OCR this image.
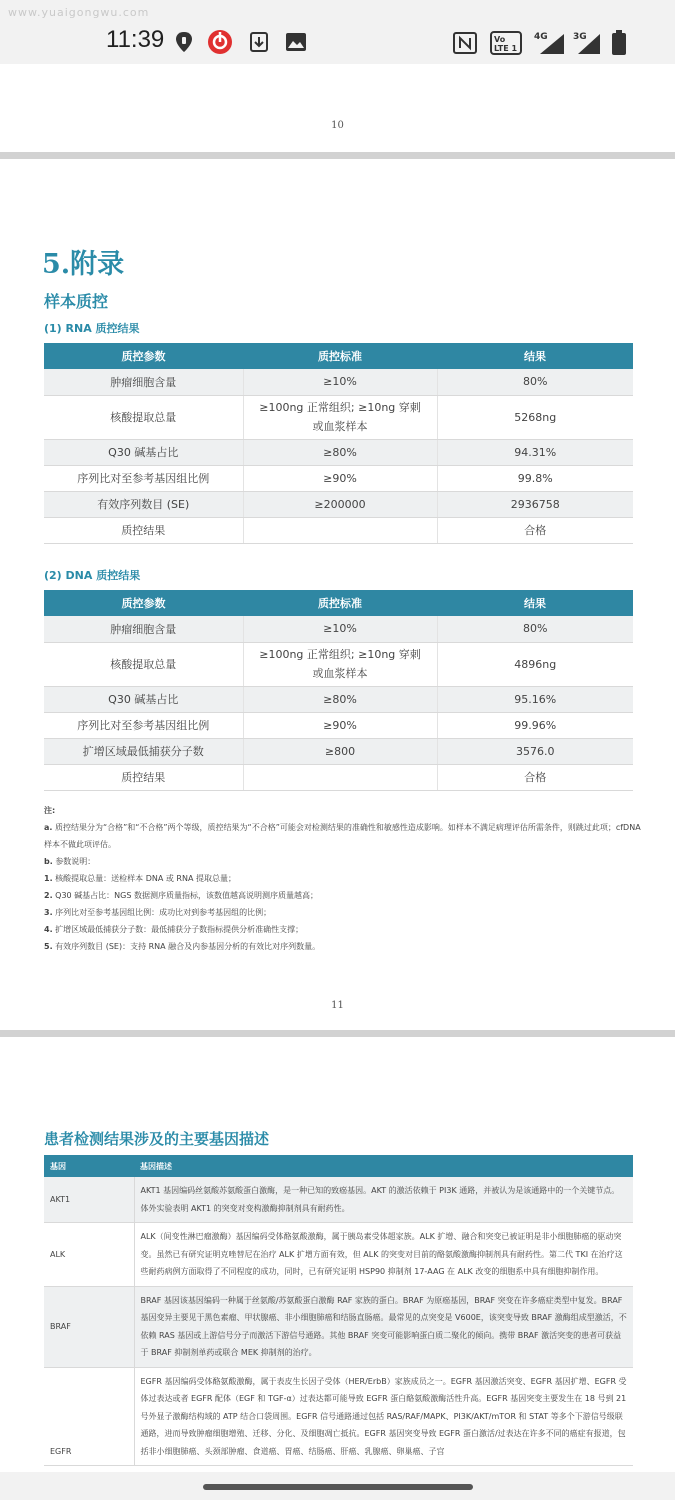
www.yuaigongwu.com
11:39	Vo
LTE 1
4G	3G
10
5.附录
样本质控
(1) RNA 质控结果
质控参数	质控标准	结果
肿瘤细胞含量	≥10%	80%
核酸提取总量	≥100ng 正常组织; ≥10ng 穿刺或血浆样本	5268ng
Q30 碱基占比	≥80%	94.31%
序列比对至参考基因组比例	≥90%	99.8%
有效序列数目 (SE)	≥200000	2936758
质控结果		合格
(2) DNA 质控结果
质控参数	质控标准	结果
肿瘤细胞含量	≥10%	80%
核酸提取总量	≥100ng 正常组织; ≥10ng 穿刺或血浆样本	4896ng
Q30 碱基占比	≥80%	95.16%
序列比对至参考基因组比例	≥90%	99.96%
扩增区域最低捕获分子数	≥800	3576.0
质控结果		合格
注:
a. 质控结果分为“合格”和“不合格”两个等级，质控结果为“不合格”可能会对检测结果的准确性和敏感性造成影响。如样本不满足病理评估所需条件，则跳过此项；cfDNA 样本不做此项评估。
b. 参数说明：
1. 核酸提取总量：送检样本 DNA 或 RNA 提取总量；
2. Q30 碱基占比：NGS 数据测序质量指标，该数值越高说明测序质量越高；
3. 序列比对至参考基因组比例：成功比对到参考基因组的比例；
4. 扩增区域最低捕获分子数：最低捕获分子数指标提供分析准确性支撑；
5. 有效序列数目 (SE)：支持 RNA 融合及内参基因分析的有效比对序列数量。
11
患者检测结果涉及的主要基因描述
基因	基因描述
AKT1	AKT1 基因编码丝氨酸苏氨酸蛋白激酶，是一种已知的致癌基因。AKT 的激活依赖于 PI3K 通路，并被认为是该通路中的一个关键节点。体外实验表明 AKT1 的突变对变构激酶抑制剂具有耐药性。
ALK	ALK（间变性淋巴瘤激酶）基因编码受体酪氨酸激酶，属于胰岛素受体超家族。ALK 扩增、融合和突变已被证明是非小细胞肺癌的驱动突变。虽然已有研究证明克唑替尼在治疗 ALK 扩增方面有效，但 ALK 的突变对目前的酪氨酸激酶抑制剂具有耐药性。第二代 TKI 在治疗这些耐药病例方面取得了不同程度的成功，同时，已有研究证明 HSP90 抑制剂 17-AAG 在 ALK 改变的细胞系中具有细胞抑制作用。
BRAF	BRAF 基因该基因编码一种属于丝氨酸/苏氨酸蛋白激酶 RAF 家族的蛋白。BRAF 为原癌基因，BRAF 突变在许多癌症类型中复发。BRAF 基因变异主要见于黑色素瘤、甲状腺癌、非小细胞肺癌和结肠直肠癌。最常见的点突变是 V600E，该突变导致 BRAF 激酶组成型激活，不依赖 RAS 基因或上游信号分子而激活下游信号通路。其他 BRAF 突变可能影响蛋白质二聚化的倾向。携带 BRAF 激活突变的患者可获益于 BRAF 抑制剂单药或联合 MEK 抑制剂的治疗。
EGFR	EGFR 基因编码受体酪氨酸激酶，属于表皮生长因子受体（HER/ErbB）家族成员之一。EGFR 基因激活突变、EGFR 基因扩增、EGFR 受体过表达或者 EGFR 配体（EGF 和 TGF-α）过表达都可能导致 EGFR 蛋白酪氨酸激酶活性升高。EGFR 基因突变主要发生在 18 号到 21 号外显子激酶结构域的 ATP 结合口袋周围。EGFR 信号通路通过包括 RAS/RAF/MAPK、PI3K/AKT/mTOR 和 STAT 等多个下游信号级联通路，进而导致肿瘤细胞增殖、迁移、分化、及细胞凋亡抵抗。EGFR 基因突变导致 EGFR 蛋白激活/过表达在许多不同的癌症有报道，包括非小细胞肺癌、头颈部肿瘤、食道癌、胃癌、结肠癌、肝癌、乳腺癌、卵巢癌、子宫
